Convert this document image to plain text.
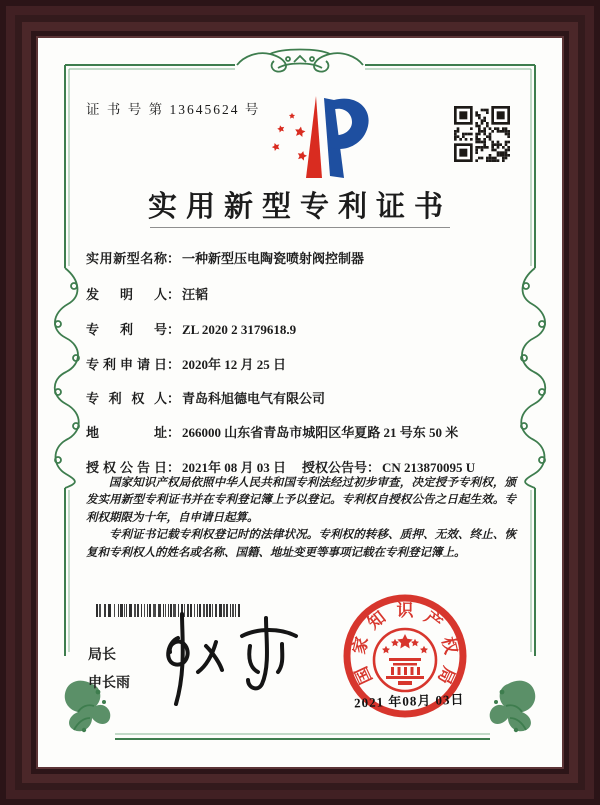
证 书 号 第 13645624 号
实用新型专利证书
实用新型名称： 一种新型压电陶瓷喷射阀控制器
发明人： 汪韬
专利号： ZL 2020 2 3179618.9
专利申请日： 2020年 12 月 25 日
专利权人： 青岛科旭德电气有限公司
地址： 266000 山东省青岛市城阳区华夏路 21 号东 50 米
授权公告日： 2021年 08 月 03 日 授权公告号： CN 213870095 U

国家知识产权局依照中华人民共和国专利法经过初步审查，决定授予专利权，颁发实用新型专利证书并在专利登记簿上予以登记。专利权自授权公告之日起生效。专利权期限为十年，自申请日起算。

专利证书记载专利权登记时的法律状况。专利权的转移、质押、无效、终止、恢复和专利权人的姓名或名称、国籍、地址变更等事项记载在专利登记簿上。

局长
申长雨	国
家
知 识 产
权
局
2021 年08月 03日
